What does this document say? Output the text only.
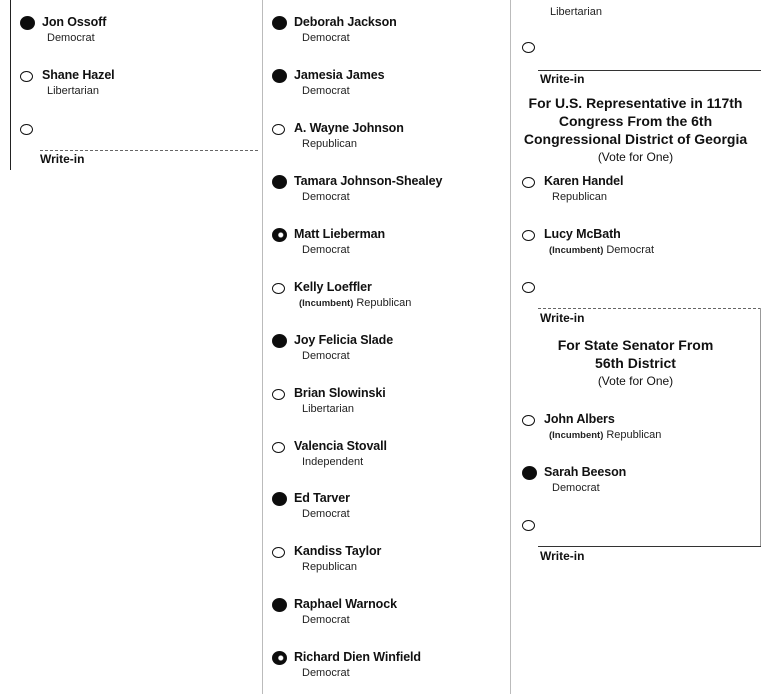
Jon Ossoff
Democrat
Shane Hazel
Libertarian
Write-in
Deborah Jackson
Democrat
Jamesia James
Democrat
A. Wayne Johnson
Republican
Tamara Johnson-Shealey
Democrat
Matt Lieberman
Democrat
Kelly Loeffler
(Incumbent) Republican
Joy Felicia Slade
Democrat
Brian Slowinski
Libertarian
Valencia Stovall
Independent
Ed Tarver
Democrat
Kandiss Taylor
Republican
Raphael Warnock
Democrat
Richard Dien Winfield
Democrat
Libertarian
Write-in
For U.S. Representative in 117th
Congress From the 6th
Congressional District of Georgia
(Vote for One)
Karen Handel
Republican
Lucy McBath
(Incumbent) Democrat
Write-in
For State Senator From
56th District
(Vote for One)
John Albers
(Incumbent) Republican
Sarah Beeson
Democrat
Write-in
